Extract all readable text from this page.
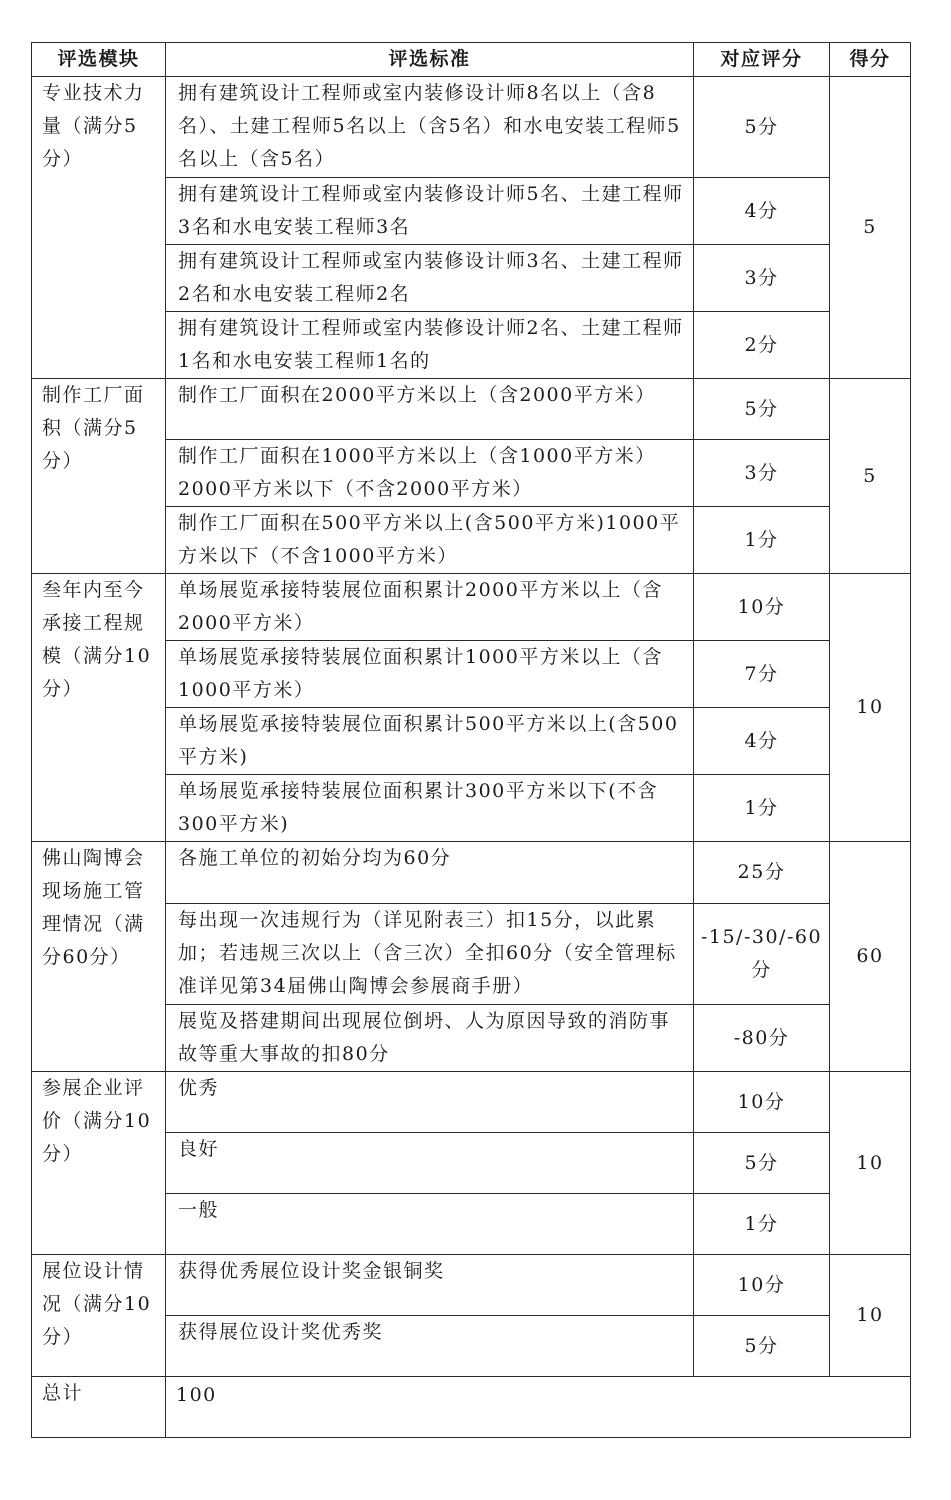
评选模块	评选标准	对应评分	得分
专业技术力量（满分5分）	拥有建筑设计工程师或室内装修设计师8名以上（含8名）、土建工程师5名以上（含5名）和水电安装工程师5名以上（含5名）	5分	5
	拥有建筑设计工程师或室内装修设计师5名、土建工程师3名和水电安装工程师3名	4分	
	拥有建筑设计工程师或室内装修设计师3名、土建工程师2名和水电安装工程师2名	3分	
	拥有建筑设计工程师或室内装修设计师2名、土建工程师1名和水电安装工程师1名的	2分	
制作工厂面积（满分5分）	制作工厂面积在2000平方米以上（含2000平方米）	5分	5
	制作工厂面积在1000平方米以上（含1000平方米）2000平方米以下（不含2000平方米）	3分	
	制作工厂面积在500平方米以上(含500平方米)1000平方米以下（不含1000平方米）	1分	
叁年内至今承接工程规模（满分10分）	单场展览承接特装展位面积累计2000平方米以上（含2000平方米）	10分	10
	单场展览承接特装展位面积累计1000平方米以上（含1000平方米）	7分	
	单场展览承接特装展位面积累计500平方米以上(含500平方米)	4分	
	单场展览承接特装展位面积累计300平方米以下(不含300平方米)	1分	
佛山陶博会现场施工管理情况（满分60分）	各施工单位的初始分均为60分	25分	60
	每出现一次违规行为（详见附表三）扣15分，以此累加；若违规三次以上（含三次）全扣60分（安全管理标准详见第34届佛山陶博会参展商手册）	-15/-30/-60分	
	展览及搭建期间出现展位倒坍、人为原因导致的消防事故等重大事故的扣80分	-80分	
参展企业评价（满分10分）	优秀	10分	10
	良好	5分	
	一般	1分	
展位设计情况（满分10分）	获得优秀展位设计奖金银铜奖	10分	10
	获得展位设计奖优秀奖	5分	
总计	100		
